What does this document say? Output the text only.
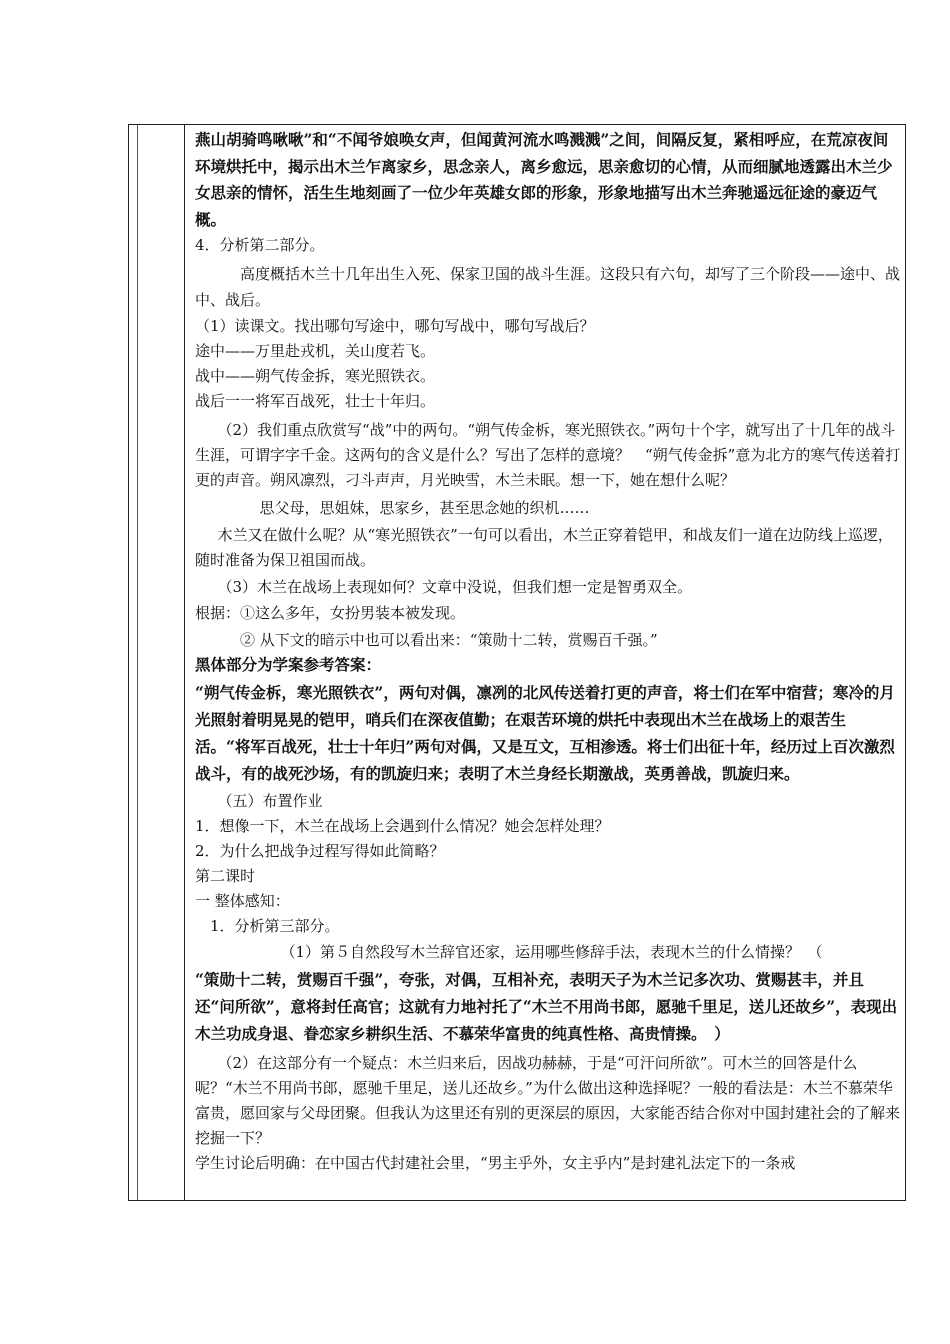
燕山胡骑鸣啾啾”和“不闻爷娘唤女声，但闻黄河流水鸣溅溅”之间，间隔反复，紧相呼应，在荒凉夜间环境烘托中，揭示出木兰乍离家乡，思念亲人，离乡愈远，思亲愈切的心情，从而细腻地透露出木兰少女思亲的情怀，活生生地刻画了一位少年英雄女郎的形象，形象地描写出木兰奔驰遥远征途的豪迈气概。

4．分析第二部分。

高度概括木兰十几年出生入死、保家卫国的战斗生涯。这段只有六句，却写了三个阶段——途中、战中、战后。

（1）读课文。找出哪句写途中，哪句写战中，哪句写战后？

途中——万里赴戎机，关山度若飞。

战中——朔气传金拆，寒光照铁衣。

战后一一将军百战死，壮士十年归。

（2）我们重点欣赏写“战”中的两句。“朔气传金柝，寒光照铁衣。”两句十个字，就写出了十几年的战斗生涯，可谓字字千金。这两句的含义是什么？写出了怎样的意境？　“朔气传金拆”意为北方的寒气传送着打更的声音。朔风凛烈，刁斗声声，月光映雪，木兰未眠。想一下，她在想什么呢？

思父母，思姐妹，思家乡，甚至思念她的织机……

木兰又在做什么呢？从“寒光照铁衣”一句可以看出，木兰正穿着铠甲，和战友们一道在边防线上巡逻，随时准备为保卫祖国而战。

（3）木兰在战场上表现如何？文章中没说，但我们想一定是智勇双全。

根据：①这么多年，女扮男装本被发现。

② 从下文的暗示中也可以看出来：“策勋十二转，赏赐百千强。”

黑体部分为学案参考答案：

“朔气传金柝，寒光照铁衣”，两句对偶，凛冽的北风传送着打更的声音，将士们在军中宿营；寒冷的月光照射着明晃晃的铠甲，哨兵们在深夜值勤；在艰苦环境的烘托中表现出木兰在战场上的艰苦生活。“将军百战死，壮士十年归”两句对偶，又是互文，互相渗透。将士们出征十年，经历过上百次激烈战斗，有的战死沙场，有的凯旋归来；表明了木兰身经长期激战，英勇善战，凯旋归来。

（五）布置作业

1．想像一下，木兰在战场上会遇到什么情况？她会怎样处理？

2．为什么把战争过程写得如此简略？

第二课时

一 整体感知：

1．分析第三部分。

（1）第５自然段写木兰辞官还家，运用哪些修辞手法，表现木兰的什么情操？　（

“策勋十二转，赏赐百千强”，夸张，对偶，互相补充，表明天子为木兰记多次功、赏赐甚丰，并且还“问所欲”，意将封任高官；这就有力地衬托了“木兰不用尚书郎，愿驰千里足，送儿还故乡”，表现出木兰功成身退、眷恋家乡耕织生活、不慕荣华富贵的纯真性格、高贵情操。　）

（2）在这部分有一个疑点：木兰归来后，因战功赫赫，于是“可汗问所欲”。可木兰的回答是什么呢？“木兰不用尚书郎，愿驰千里足，送儿还故乡。”为什么做出这种选择呢？一般的看法是：木兰不慕荣华富贵，愿回家与父母团聚。但我认为这里还有别的更深层的原因，大家能否结合你对中国封建社会的了解来挖掘一下？

学生讨论后明确：在中国古代封建社会里，“男主乎外，女主乎内”是封建礼法定下的一条戒
